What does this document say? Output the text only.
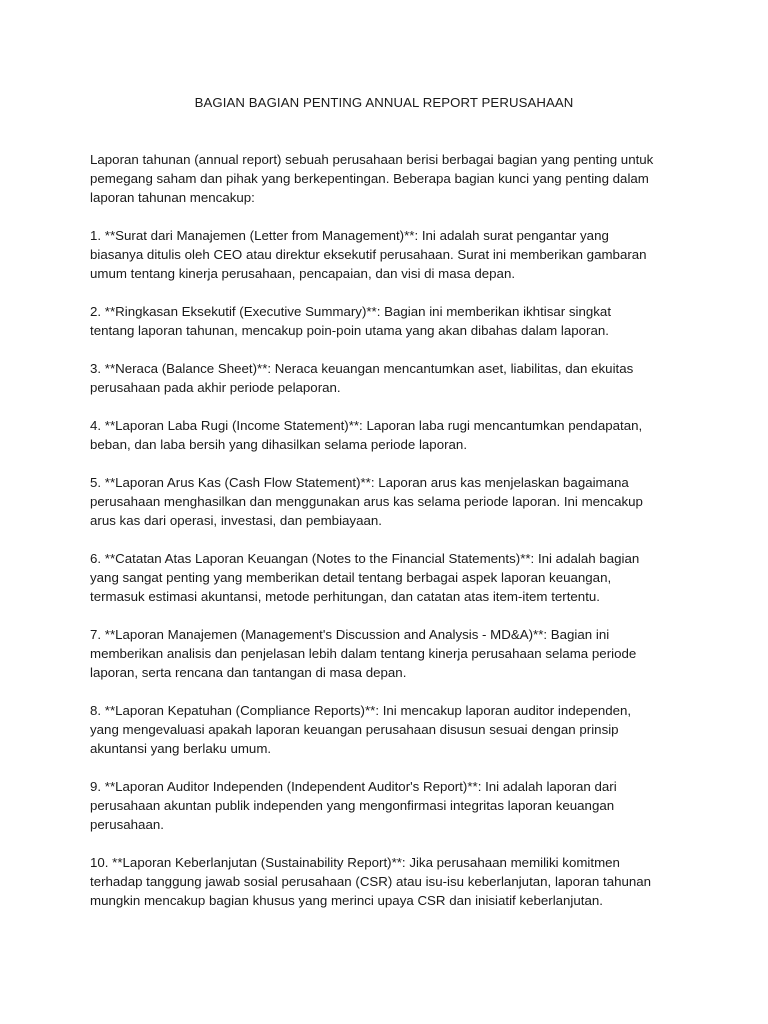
BAGIAN BAGIAN PENTING ANNUAL REPORT PERUSAHAAN
Laporan tahunan (annual report) sebuah perusahaan berisi berbagai bagian yang penting untuk
pemegang saham dan pihak yang berkepentingan. Beberapa bagian kunci yang penting dalam
laporan tahunan mencakup:
1. **Surat dari Manajemen (Letter from Management)**: Ini adalah surat pengantar yang
biasanya ditulis oleh CEO atau direktur eksekutif perusahaan. Surat ini memberikan gambaran
umum tentang kinerja perusahaan, pencapaian, dan visi di masa depan.
2. **Ringkasan Eksekutif (Executive Summary)**: Bagian ini memberikan ikhtisar singkat
tentang laporan tahunan, mencakup poin-poin utama yang akan dibahas dalam laporan.
3. **Neraca (Balance Sheet)**: Neraca keuangan mencantumkan aset, liabilitas, dan ekuitas
perusahaan pada akhir periode pelaporan.
4. **Laporan Laba Rugi (Income Statement)**: Laporan laba rugi mencantumkan pendapatan,
beban, dan laba bersih yang dihasilkan selama periode laporan.
5. **Laporan Arus Kas (Cash Flow Statement)**: Laporan arus kas menjelaskan bagaimana
perusahaan menghasilkan dan menggunakan arus kas selama periode laporan. Ini mencakup
arus kas dari operasi, investasi, dan pembiayaan.
6. **Catatan Atas Laporan Keuangan (Notes to the Financial Statements)**: Ini adalah bagian
yang sangat penting yang memberikan detail tentang berbagai aspek laporan keuangan,
termasuk estimasi akuntansi, metode perhitungan, dan catatan atas item-item tertentu.
7. **Laporan Manajemen (Management's Discussion and Analysis - MD&A)**: Bagian ini
memberikan analisis dan penjelasan lebih dalam tentang kinerja perusahaan selama periode
laporan, serta rencana dan tantangan di masa depan.
8. **Laporan Kepatuhan (Compliance Reports)**: Ini mencakup laporan auditor independen,
yang mengevaluasi apakah laporan keuangan perusahaan disusun sesuai dengan prinsip
akuntansi yang berlaku umum.
9. **Laporan Auditor Independen (Independent Auditor's Report)**: Ini adalah laporan dari
perusahaan akuntan publik independen yang mengonfirmasi integritas laporan keuangan
perusahaan.
10. **Laporan Keberlanjutan (Sustainability Report)**: Jika perusahaan memiliki komitmen
terhadap tanggung jawab sosial perusahaan (CSR) atau isu-isu keberlanjutan, laporan tahunan
mungkin mencakup bagian khusus yang merinci upaya CSR dan inisiatif keberlanjutan.
